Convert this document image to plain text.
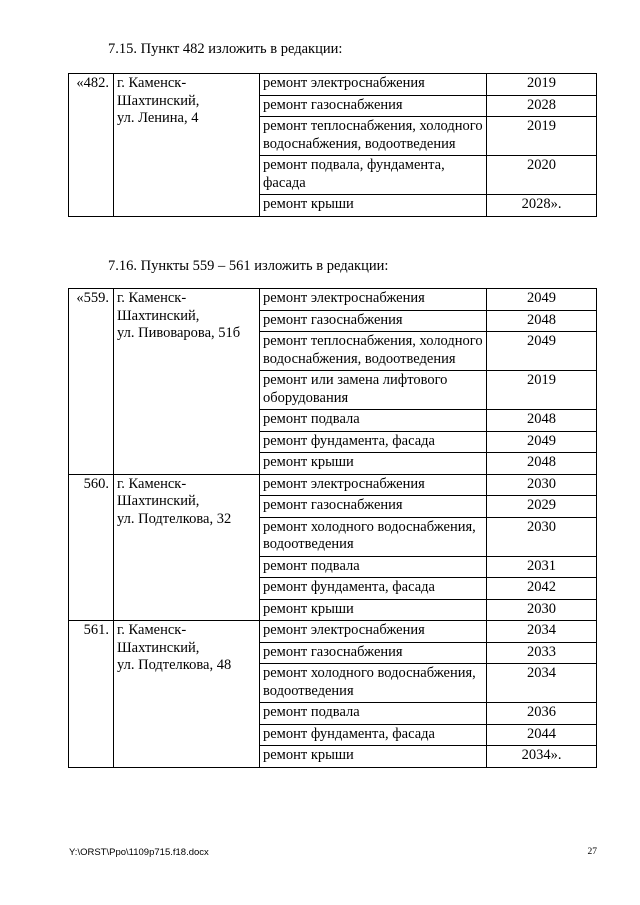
7.15. Пункт 482 изложить в редакции:
«482.	г. Каменск-
Шахтинский,
ул. Ленина, 4	ремонт электроснабжения	2019
		ремонт газоснабжения	2028
		ремонт теплоснабжения, холодного водоснабжения, водоотведения	2019
		ремонт подвала, фундамента, фасада	2020
		ремонт крыши	2028».
7.16. Пункты 559 – 561 изложить в редакции:
«559.	г. Каменск-
Шахтинский,
ул. Пивоварова, 51б	ремонт электроснабжения	2049
		ремонт газоснабжения	2048
		ремонт теплоснабжения, холодного водоснабжения, водоотведения	2049
		ремонт или замена лифтового оборудования	2019
		ремонт подвала	2048
		ремонт фундамента, фасада	2049
		ремонт крыши	2048
560.	г. Каменск-
Шахтинский,
ул. Подтелкова, 32	ремонт электроснабжения	2030
		ремонт газоснабжения	2029
		ремонт холодного водоснабжения, водоотведения	2030
		ремонт подвала	2031
		ремонт фундамента, фасада	2042
		ремонт крыши	2030
561.	г. Каменск-
Шахтинский,
ул. Подтелкова, 48	ремонт электроснабжения	2034
		ремонт газоснабжения	2033
		ремонт холодного водоснабжения, водоотведения	2034
		ремонт подвала	2036
		ремонт фундамента, фасада	2044
		ремонт крыши	2034».
Y:\ORST\Ppo\1109p715.f18.docx	27
